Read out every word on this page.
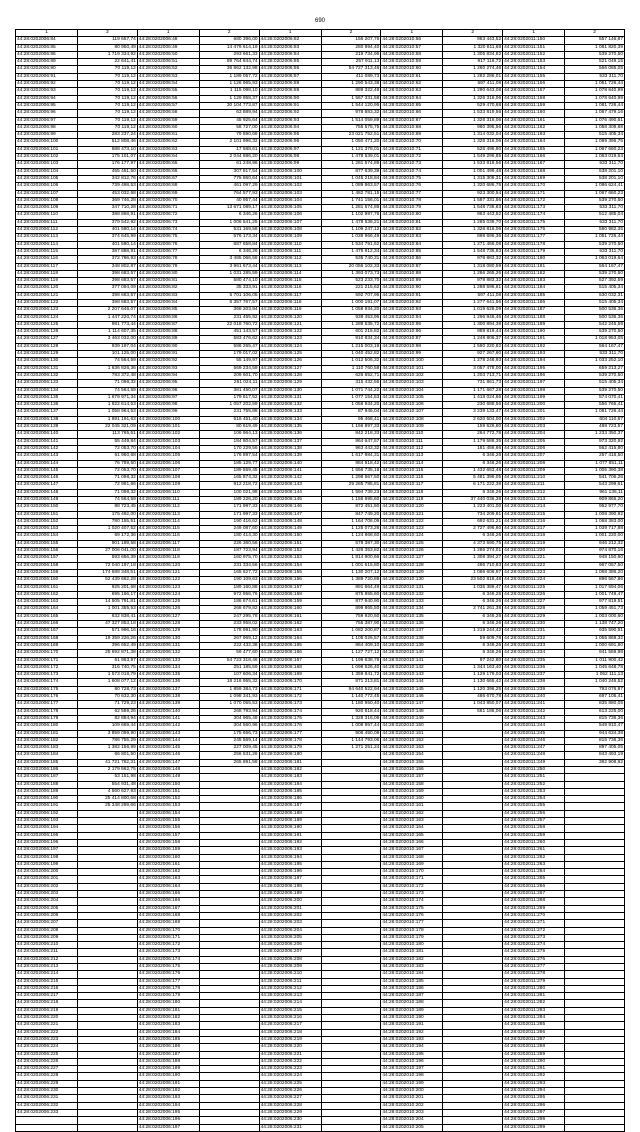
690
1	2	1	2	1	2	1	2	1	2
44:28:0202006:84	119 657,74	44:28:0202006:48	680 396,00	44:28:0202006:82	156 207,76	44:28:0202010:56	963 443,52	44:28:0202011:150	557 146,87
44:28:0202006:85	80 950,49	44:28:0202006:49	14 476 614,19	44:28:0202006:83	280 994,40	44:28:0202010:57	1 320 811,68	44:28:0202011:151	1 081 820,39
44:28:0202006:86	1 719 334,92	44:28:0202006:50	293 661,33	44:28:0202006:84	219 734,96	44:28:0202010:58	1 305 834,82	44:28:0202011:152	539 270,50
44:28:0202006:89	22 641,41	44:28:0202006:51	89 764 844,74	44:28:0202006:85	257 911,13	44:28:0202010:59	917 116,72	44:28:0202011:153	521 049,15
44:28:0202006:90	70 119,12	44:28:0202006:52	36 862 132,98	44:28:0202006:86	54 727 313,46	44:28:0202010:60	1 260 274,46	44:28:0202011:154	566 085,05
44:28:0202006:91	70 119,12	44:28:0202006:53	1 189 057,72	44:28:0202006:87	411 089,73	44:28:0202010:61	1 282 286,01	44:28:0202011:155	533 311,70
44:28:0202006:92	70 119,12	44:28:0202006:54	1 126 965,93	44:28:0202006:88	1 290 543,38	44:28:0202010:62	597 411,08	44:28:0202011:156	1 051 726,44
44:28:0202006:93	70 119,12	44:28:0202006:55	1 115 098,10	44:28:0202006:89	889 322,48	44:28:0202010:63	1 290 643,08	44:28:0202011:157	1 078 640,99
44:28:0202006:94	70 119,12	44:28:0202006:56	1 129 958,37	44:28:0202006:90	1 567 331,58	44:28:0202010:64	1 326 316,06	44:28:0202011:158	1 078 640,99
44:28:0202006:95	70 119,12	44:28:0202006:57	30 104 773,87	44:28:0202006:91	1 544 120,95	44:28:0202010:65	529 470,68	44:28:0202011:159	1 081 726,44
44:28:0202006:96	70 119,12	44:28:0202006:58	63 889,94	44:28:0202006:92	978 883,32	44:28:0202010:66	1 533 819,56	44:28:0202011:160	1 067 479,16
44:28:0202006:97	70 119,12	44:28:0202006:59	45 925,64	44:28:0202006:93	1 514 059,89	44:28:0202010:67	1 326 316,06	44:28:0202011:161	1 076 490,61
44:28:0202006:98	70 119,12	44:28:0202006:60	58 727,00	44:28:0202006:94	755 575,75	44:28:0202010:68	960 395,56	44:28:0202011:162	1 058 309,88
44:28:0202006:99	283 237,24	44:28:0202006:61	79 890,68	44:28:0202006:95	23 021 752,51	44:28:0202010:69	1 314 032,04	44:28:0202011:163	515 405,34
44:28:0202006:100	512 808,46	44:28:0202006:62	2 101 996,32	44:28:0202006:96	1 050 471,20	44:28:0202010:70	1 326 316,06	44:28:0202011:164	1 099 396,75
44:28:0202006:101	588 473,10	44:28:0202006:63	17 688,61	44:28:0202006:97	1 121 378,01	44:28:0202010:71	526 496,90	44:28:0202011:165	1 067 660,23
44:28:0202006:102	175 101,07	44:28:0202006:64	2 044 886,20	44:28:0202006:98	1 478 539,01	44:28:0202010:72	1 549 296,85	44:28:0202011:166	1 063 019,64
44:28:0202006:103	176 177,97	44:28:0202006:65	61 248,96	44:28:0202006:99	1 281 574,86	44:28:0202010:73	1 533 819,56	44:28:0202011:167	533 311,70
44:28:0202006:104	455 451,50	44:28:0202006:66	307 817,54	44:28:0202006:100	877 639,39	44:28:0202010:74	1 001 499,48	44:28:0202011:168	538 201,10
44:28:0202006:105	342 812,76	44:28:0202006:67	775 860,64	44:28:0202006:101	1 045 218,84	44:28:0202010:75	1 315 308,31	44:28:0202011:169	538 201,10
44:28:0202006:106	739 498,53	44:28:0202006:68	461 097,29	44:28:0202006:102	1 089 863,57	44:28:0202010:76	1 320 686,75	44:28:0202011:170	1 086 624,41
44:28:0202006:107	453 032,68	44:28:0202006:69	764 577,93	44:28:0202006:103	1 482 781,15	44:28:0202010:77	923 300,54	44:28:0202011:171	1 067 660,23
44:28:0202006:108	369 746,28	44:28:0202006:70	40 957,44	44:28:0202006:104	1 741 156,01	44:28:0202010:78	1 587 331,56	44:28:0202011:172	539 270,50
44:28:0202006:109	347 710,28	44:28:0202006:71	13 671 089,17	44:28:0202006:105	1 281 574,86	44:28:0202010:79	1 548 736,83	44:28:0202011:173	533 311,70
44:28:0202006:110	388 868,91	44:28:0202006:72	6 346,26	44:28:0202006:106	1 102 997,76	44:28:0202010:80	963 443,52	44:28:0202011:174	512 485,04
44:28:0202006:111	379 542,92	44:28:0202006:73	1 006 541,25	44:28:0202006:107	1 478 538,21	44:28:0202010:81	1 285 039,70	44:28:0202011:175	533 311,70
44:28:0202006:112	401 580,14	44:28:0202006:74	531 169,58	44:28:0202006:108	1 109 247,12	44:28:0202010:82	1 326 816,06	44:28:0202011:176	580 982,35
44:28:0202006:113	374 645,99	44:28:0202006:75	576 173,34	44:28:0202006:109	1 039 966,49	44:28:0202010:83	898 696,36	44:28:0202011:177	1 051 726,44
44:28:0202006:114	401 580,14	44:28:0202006:76	687 658,84	44:28:0202006:110	1 534 791,62	44:28:0202010:84	1 271 466,08	44:28:0202011:178	539 270,50
44:28:0202006:115	387 888,91	44:28:0202006:77	6 346,26	44:28:0202006:111	1 475 912,34	44:28:0202010:85	1 548 736,83	44:28:0202011:179	533 311,70
44:28:0202006:116	372 786,93	44:28:0202006:78	3 485 066,58	44:28:0202006:112	535 740,31	44:28:0202010:86	978 883,32	44:28:0202011:180	1 063 019,64
44:28:0202006:117	348 802,87	44:28:0202006:79	3 961 673,44	44:28:0202006:113	20 056 102,33	44:28:0202010:87	1 318 080,59	44:28:0202011:181	564 167,47
44:28:0202006:118	398 683,57	44:28:0202006:80	1 031 285,59	44:28:0202006:114	1 393 073,73	44:28:0202010:88	1 266 265,26	44:28:0202011:182	539 270,50
44:28:0202006:119	398 683,57	44:28:0202006:81	580 474,10	44:28:0202006:115	523 233,70	44:28:0202010:89	978 883,32	44:28:0202011:183	527 392,59
44:28:0202006:120	377 094,09	44:28:0202006:82	35 333,91	44:28:0202006:116	221 215,62	44:28:0202010:90	1 288 596,81	44:28:0202011:184	515 405,34
44:28:0202006:121	398 683,57	44:28:0202006:83	5 701 106,05	44:28:0202006:117	592 707,96	44:28:0202010:91	597 411,08	44:28:0202011:185	530 032,31
44:28:0202006:122	398 683,57	44:28:0202006:84	6 357 767,57	44:28:0202006:118	1 000 191,07	44:28:0202010:92	1 277 641,56	44:28:0202011:186	515 405,34
44:28:0202006:123	2 207 646,07	44:28:0202006:85	368 203,94	44:28:0202006:119	1 058 934,20	44:28:0202010:93	1 019 628,09	44:28:0202011:187	500 536,36
44:28:0202006:124	1 447 220,74	44:28:0202006:86	231 455,92	44:28:0202006:120	938 453,96	44:28:0202010:94	1 296 846,46	44:28:0202011:188	500 536,36
44:28:0202006:125	981 773,44	44:28:0202006:87	22 018 760,72	44:28:0202006:121	1 289 535,72	44:28:0202010:95	1 300 894,38	44:28:0202011:189	542 245,59
44:28:0202006:126	1 114 607,35	44:28:0202006:88	451 143,57	44:28:0202006:122	601 215,82	44:28:0202010:96	989 819,44	44:28:0202011:190	539 270,50
44:28:0202006:127	3 463 032,00	44:28:0202006:89	583 476,62	44:28:0202006:123	910 834,34	44:28:0202010:97	1 248 806,37	44:28:0202011:191	1 018 953,05
44:28:0202006:128	939 197,04	44:28:0202006:90	586 265,47	44:28:0202006:124	1 215 003,19	44:28:0202010:98	1 580 220,82	44:28:0202011:192	564 167,47
44:28:0202006:129	101 125,00	44:28:0202006:91	179 017,02	44:28:0202006:125	1 040 452,82	44:28:0202010:99	927 267,60	44:28:0202011:193	533 311,70
44:28:0202006:130	74 564,59	44:28:0202006:92	55 149,97	44:28:0202006:126	1 012 506,32	44:28:0202010:100	1 278 246,93	44:28:0202011:194	1 033 252,10
44:28:0202006:131	1 636 826,36	44:28:0202006:93	569 234,59	44:28:0202006:127	1 110 760,58	44:28:0202010:101	3 057 478,00	44:28:0202011:195	659 213,27
44:28:0202006:132	783 372,48	44:28:0202006:94	209 601,70	44:28:0202006:128	626 652,71	44:28:0202010:102	1 203 713,71	44:28:0202011:196	539 270,50
44:28:0202006:133	71 098,32	44:28:0202006:95	261 024,11	44:28:0202006:129	315 432,56	44:28:0202010:103	731 861,73	44:28:0202011:197	515 405,34
44:28:0202006:134	74 564,59	44:28:0202006:96	381 450,07	44:28:0202006:130	1 071 744,22	44:28:0202010:104	1 171 667,28	44:28:0202011:198	539 270,50
44:28:0202006:135	1 679 971,34	44:28:0202006:97	179 617,52	44:28:0202006:131	1 077 154,53	44:28:0202010:105	1 418 024,66	44:28:0202011:199	574 070,41
44:28:0202006:136	1 822 614,53	44:28:0202006:98	1 057 202,59	44:28:0202006:132	1 058 934,20	44:28:0202010:106	230 688,56	44:28:0202011:200	556 765,41
44:28:0202006:137	1 058 964,53	44:28:0202006:99	231 755,88	44:28:0202006:133	87 946,04	44:28:0202010:107	3 239 133,47	44:28:0202011:201	1 081 726,44
44:28:0202006:138	1 891 191,63	44:28:0202006:100	518 451,40	44:28:0202006:134	95 468,41	44:28:0202010:108	2 620 504,00	44:28:0202011:202	604 110,67
44:28:0202006:139	22 045 321,09	44:28:0202006:101	80 619,49	44:28:0202006:135	1 156 897,33	44:28:0202010:109	159 526,80	44:28:0202011:203	488 723,57
44:28:0202006:140	113 765,51	44:28:0202006:102	106 964,13	44:28:0202006:136	842 218,33	44:28:0202010:110	264 772,78	44:28:0202011:204	1 233 350,37
44:28:0202006:141	55 449,84	44:28:0202006:103	184 804,57	44:28:0202006:137	864 647,57	44:28:0202010:111	1 179 586,35	44:28:0202011:205	973 320,92
44:28:0202006:142	72 053,70	44:28:0202006:104	170 229,56	44:28:0202006:138	963 443,32	44:28:0202010:112	181 456,66	44:28:0202011:206	562 415,80
44:28:0202006:143	61 960,68	44:28:0202006:105	176 897,54	44:28:0202006:139	1 617 984,31	44:28:0202010:113	6 346,26	44:28:0202011:207	257 416,50
44:28:0202006:144	76 789,50	44:28:0202006:106	185 129,77	44:28:0202006:140	984 818,42	44:28:0202010:114	6 346,26	44:28:0202011:208	1 077 851,11
44:28:0202006:145	72 053,70	44:28:0202006:107	189 559,45	44:28:0202006:141	1 556 735,18	44:28:0202010:115	1 432 653,48	44:28:0202011:209	1 005 390,38
44:28:0202006:146	71 098,32	44:28:0202006:108	165 874,32	44:28:0202006:142	1 298 567,50	44:28:0202010:116	5 481 399,05	44:28:0202011:210	541 706,26
44:28:0202006:147	72 981,66	44:28:0202006:109	912 218,72	44:28:0202006:143	29 285 785,81	44:28:0202010:117	6 171 222,38	44:28:0202011:211	543 299,61
44:28:0202006:148	71 098,32	44:28:0202006:110	100 021,98	44:28:0202006:144	1 594 739,23	44:28:0202010:118	6 346,26	44:28:0202011:212	961 135,11
44:28:0202006:149	74 564,59	44:28:0202006:111	189 226,20	44:28:0202006:145	1 156 695,60	44:28:0202010:119	37 440 036,38	44:28:0202011:213	909 865,20
44:28:0202006:150	88 723,45	44:28:0202006:112	171 997,33	44:28:0202006:146	872 451,50	44:28:0202010:120	1 223 401,00	44:28:0202011:214	952 977,70
44:28:0202006:151	175 492,00	44:28:0202006:113	171 997,33	44:28:0202006:147	847 749,20	44:28:0202010:121	734 209,81	44:28:0202011:215	1 008 390,92
44:28:0202006:152	780 155,51	44:28:0202006:114	190 416,62	44:28:0202006:148	1 164 706,09	44:28:0202010:122	692 631,21	44:28:0202011:216	1 068 383,00
44:28:0202006:153	1 020 407,52	44:28:0202006:115	249 087,60	44:28:0202006:149	1 125 073,26	44:28:0202010:123	2 727 496,60	44:28:0202011:217	1 039 717,88
44:28:0202006:154	69 172,36	44:28:0202006:116	180 414,30	44:28:0202006:150	1 124 868,60	44:28:0202010:124	6 346,26	44:28:0202011:218	1 001 220,00
44:28:0202006:155	901 189,58	44:28:0202006:117	226 360,56	44:28:0202006:151	578 387,30	44:28:0202010:125	4 373 590,75	44:28:0202011:219	946 212,32
44:28:0202006:156	27 006 041,00	44:28:0202006:118	187 723,94	44:28:0202006:152	1 426 353,82	44:28:0202010:126	1 266 274,01	44:28:0202011:220	974 870,16
44:28:0202006:157	593 656,39	44:28:0202006:119	160 975,70	44:28:0202006:153	1 814 900,66	44:28:0202010:127	1 308 394,27	44:28:0202011:221	948 150,60
44:28:0202006:158	72 040 197,18	44:28:0202006:120	231 334,56	44:28:0202006:154	1 001 615,80	44:28:0202010:128	486 710,83	44:28:0202011:222	967 057,50
44:28:0202006:159	174 588 348,51	44:28:0202006:121	165 627,72	44:28:0202006:155	1 130 207,12	44:28:0202010:129	1 086 606,97	44:28:0202011:223	1 068 386,20
44:28:0202006:160	52 439 662,28	44:28:0202006:122	190 109,63	44:28:0202006:156	1 389 720,86	44:28:0202010:130	23 502 818,48	44:28:0202011:224	896 567,86
44:28:0202006:161	925 201,68	44:28:0202006:123	189 160,88	44:28:0202006:157	891 664,49	44:28:0202010:131	1 035 389,47	44:28:0202011:225	1 017 594,06
44:28:0202006:162	695 166,17	44:28:0202006:124	972 956,76	44:28:0202006:158	875 855,60	44:28:0202010:132	6 346,26	44:28:0202011:226	1 001 749,47
44:28:0202006:163	14 505 791,81	44:28:0202006:125	186 674,61	44:28:0202006:159	877 940,90	44:28:0202010:133	6 346,26	44:28:0202011:227	977 819,51
44:28:0202006:164	1 001 355,53	44:28:0202006:126	268 679,82	44:28:0202006:160	899 865,50	44:28:0202010:134	2 741 261,38	44:28:0202011:228	1 059 451,73
44:28:0202006:165	632 838,41	44:28:0202006:127	247 295,78	44:28:0202006:161	759 920,50	44:28:0202010:135	6 346,26	44:28:0202011:229	1 003 000,60
44:28:0202006:166	47 327 853,18	44:28:0202006:128	233 958,02	44:28:0202006:162	755 387,90	44:28:0202010:136	6 346,26	44:28:0202011:230	1 138 747,20
44:28:0202006:167	571 996,16	44:28:0202006:129	178 991,90	44:28:0202006:163	1 082 200,87	44:28:0202010:137	1 219 244,42	44:28:0202011:231	935 590,91
44:28:0202006:168	19 359 226,26	44:28:0202006:130	267 969,12	44:28:0202006:164	1 105 026,57	44:28:0202010:138	59 609,78	44:28:0202011:232	1 055 868,32
44:28:0202006:169	396 652,49	44:28:0202006:131	222 432,38	44:28:0202006:165	864 409,10	44:28:0202010:139	6 346,26	44:28:0202011:233	1 000 691,80
44:28:0202006:170	25 692 871,38	44:28:0202006:132	59 477,60	44:28:0202006:166	1 127 727,12	44:28:0202010:140	6 346,26	44:28:0202011:234	941 559,98
44:28:0202006:171	61 963,97	44:28:0202006:133	54 723 318,46	44:28:0202006:167	1 199 638,76	44:28:0202010:141	97 242,80	44:28:0202011:235	1 011 900,42
44:28:0202006:172	316 740,75	44:28:0202006:134	251 185,59	44:28:0202006:168	1 098 526,40	44:28:0202010:142	1 344 163,40	44:28:0202011:236	1 045 648,78
44:28:0202006:173	1 573 018,79	44:28:0202006:135	107 606,34	44:28:0202006:169	1 359 841,72	44:28:0202010:143	1 129 179,03	44:28:0202011:237	1 052 111,13
44:28:0202006:174	1 608 077,12	44:28:0202006:136	18 216 955,32	44:28:0202006:170	871 213,81	44:28:0202010:144	1 130 665,42	44:28:0202011:238	1 040 246,52
44:28:0202006:175	80 728,73	44:28:0202006:137	1 859 384,73	44:28:0202006:171	94 640 522,94	44:28:0202010:145	1 120 396,25	44:28:0202011:239	793 076,97
44:28:0202006:176	70 632,30	44:28:0202006:138	1 098 341,93	44:28:0202006:172	1 140 772,45	44:28:0202010:146	486 670,78	44:28:0202011:240	697 105,41
44:28:0202006:177	71 729,23	44:28:0202006:139	1 070 055,53	44:28:0202006:173	1 180 950,40	44:28:0202010:147	1 043 850,07	44:28:0202011:241	835 880,05
44:28:0202006:178	62 589,26	44:28:0202006:140	268 793,94	44:28:0202006:174	920 818,44	44:28:0202010:148	561 186,06	44:28:0202011:242	613 225,00
44:28:0202006:179	82 884,94	44:28:0202006:141	304 965,48	44:28:0202006:175	1 328 316,06	44:28:0202010:149		44:28:0202011:243	815 736,36
44:28:0202006:180	109 669,44	44:28:0202006:142	304 560,96	44:28:0202006:176	1 008 957,44	44:28:0202010:150		44:28:0202011:244	549 910,47
44:28:0202006:181	3 859 099,90	44:28:0202006:143	175 656,73	44:28:0202006:177	906 450,08	44:28:0202010:151		44:28:0202011:245	944 634,38
44:28:0202006:182	786 755,29	44:28:0202006:144	245 569,14	44:28:0202006:178	1 144 793,06	44:28:0202010:152		44:28:0202011:246	815 736,36
44:28:0202006:183	1 382 156,99	44:28:0202006:145	227 009,45	44:28:0202006:179	1 271 251,24	44:28:0202010:153		44:28:0202011:247	897 405,05
44:28:0202006:184	66 801,50	44:28:0202006:146	256 531,26	44:28:0202006:180		44:28:0202010:154		44:28:0202011:248	843 493,19
44:28:0202006:185	41 721 762,31	44:28:0202006:147	265 891,58	44:28:0202006:181		44:28:0202010:155		44:28:0202011:249	392 908,92
44:28:0202006:186	2 179 562,75	44:28:0202006:148		44:28:0202006:182		44:28:0202010:156		44:28:0202011:250	
44:28:0202006:187	53 151,98	44:28:0202006:149		44:28:0202006:183		44:28:0202010:157		44:28:0202011:251	
44:28:0202006:188	554 931,48	44:28:0202006:150		44:28:0202006:184		44:28:0202010:158		44:28:0202011:252	
44:28:0202006:189	4 560 627,93	44:28:0202006:151		44:28:0202006:185		44:28:0202010:159		44:28:0202011:253	
44:28:0202006:190	25 414 800,68	44:28:0202006:152		44:28:0202006:186		44:28:0202010:160		44:28:0202011:254	
44:28:0202006:191	25 348 289,66	44:28:0202006:153		44:28:0202006:187		44:28:0202010:161		44:28:0202011:255	
44:28:0202006:192		44:28:0202006:154		44:28:0202006:188		44:28:0202010:162		44:28:0202011:256	
44:28:0202006:193		44:28:0202006:155		44:28:0202006:189		44:28:0202010:163		44:28:0202011:257	
44:28:0202006:194		44:28:0202006:156		44:28:0202006:190		44:28:0202010:164		44:28:0202011:258	
44:28:0202006:195		44:28:0202006:157		44:28:0202006:191		44:28:0202010:165		44:28:0202011:259	
44:28:0202006:196		44:28:0202006:158		44:28:0202006:192		44:28:0202010:166		44:28:0202011:260	
44:28:0202006:197		44:28:0202006:159		44:28:0202006:193		44:28:0202010:167		44:28:0202011:261	
44:28:0202006:198		44:28:0202006:160		44:28:0202006:194		44:28:0202010:168		44:28:0202011:262	
44:28:0202006:199		44:28:0202006:161		44:28:0202006:195		44:28:0202010:169		44:28:0202011:263	
44:28:0202006:200		44:28:0202006:162		44:28:0202006:196		44:28:0202010:170		44:28:0202011:264	
44:28:0202006:201		44:28:0202006:163		44:28:0202006:197		44:28:0202010:171		44:28:0202011:265	
44:28:0202006:202		44:28:0202006:164		44:28:0202006:198		44:28:0202010:172		44:28:0202011:266	
44:28:0202006:203		44:28:0202006:165		44:28:0202006:199		44:28:0202010:173		44:28:0202011:267	
44:28:0202006:204		44:28:0202006:166		44:28:0202006:200		44:28:0202010:174		44:28:0202011:268	
44:28:0202006:205		44:28:0202006:167		44:28:0202006:201		44:28:0202010:175		44:28:0202011:269	
44:28:0202006:206		44:28:0202006:168		44:28:0202006:202		44:28:0202010:176		44:28:0202011:270	
44:28:0202006:207		44:28:0202006:169		44:28:0202006:203		44:28:0202010:177		44:28:0202011:271	
44:28:0202006:208		44:28:0202006:170		44:28:0202006:204		44:28:0202010:178		44:28:0202011:272	
44:28:0202006:209		44:28:0202006:171		44:28:0202006:205		44:28:0202010:179		44:28:0202011:273	
44:28:0202006:210		44:28:0202006:172		44:28:0202006:206		44:28:0202010:180		44:28:0202011:274	
44:28:0202006:211		44:28:0202006:173		44:28:0202006:207		44:28:0202010:181		44:28:0202011:275	
44:28:0202006:212		44:28:0202006:174		44:28:0202006:208		44:28:0202010:182		44:28:0202011:276	
44:28:0202006:213		44:28:0202006:175		44:28:0202006:209		44:28:0202010:183		44:28:0202011:277	
44:28:0202006:214		44:28:0202006:176		44:28:0202006:210		44:28:0202010:184		44:28:0202011:278	
44:28:0202006:215		44:28:0202006:177		44:28:0202006:211		44:28:0202010:185		44:28:0202011:279	
44:28:0202006:216		44:28:0202006:178		44:28:0202006:212		44:28:0202010:186		44:28:0202011:280	
44:28:0202006:217		44:28:0202006:179		44:28:0202006:213		44:28:0202010:187		44:28:0202011:281	
44:28:0202006:218		44:28:0202006:180		44:28:0202006:214		44:28:0202010:188		44:28:0202011:282	
44:28:0202006:219		44:28:0202006:181		44:28:0202006:215		44:28:0202010:189		44:28:0202011:283	
44:28:0202006:220		44:28:0202006:182		44:28:0202006:216		44:28:0202010:190		44:28:0202011:284	
44:28:0202006:221		44:28:0202006:183		44:28:0202006:217		44:28:0202010:191		44:28:0202011:285	
44:28:0202006:222		44:28:0202006:184		44:28:0202006:218		44:28:0202010:192		44:28:0202011:286	
44:28:0202006:223		44:28:0202006:185		44:28:0202006:219		44:28:0202010:193		44:28:0202011:287	
44:28:0202006:224		44:28:0202006:186		44:28:0202006:220		44:28:0202010:194		44:28:0202011:288	
44:28:0202006:225		44:28:0202006:187		44:28:0202006:221		44:28:0202010:195		44:28:0202011:289	
44:28:0202006:226		44:28:0202006:188		44:28:0202006:222		44:28:0202010:196		44:28:0202011:290	
44:28:0202006:227		44:28:0202006:189		44:28:0202006:223		44:28:0202010:197		44:28:0202011:291	
44:28:0202006:228		44:28:0202006:190		44:28:0202006:224		44:28:0202010:198		44:28:0202011:292	
44:28:0202006:229		44:28:0202006:191		44:28:0202006:225		44:28:0202010:199		44:28:0202011:293	
44:28:0202006:230		44:28:0202006:192		44:28:0202006:226		44:28:0202010:200		44:28:0202011:294	
44:28:0202006:231		44:28:0202006:193		44:28:0202006:227		44:28:0202010:201		44:28:0202011:295	
44:28:0202006:232		44:28:0202006:194		44:28:0202006:228		44:28:0202010:202		44:28:0202011:296	
44:28:0202006:233		44:28:0202006:195		44:28:0202006:229		44:28:0202010:203		44:28:0202011:297	
		44:28:0202006:196		44:28:0202006:230		44:28:0202010:204		44:28:0202011:298	
		44:28:0202006:197		44:28:0202006:231		44:28:0202010:205		44:28:0202011:299	
